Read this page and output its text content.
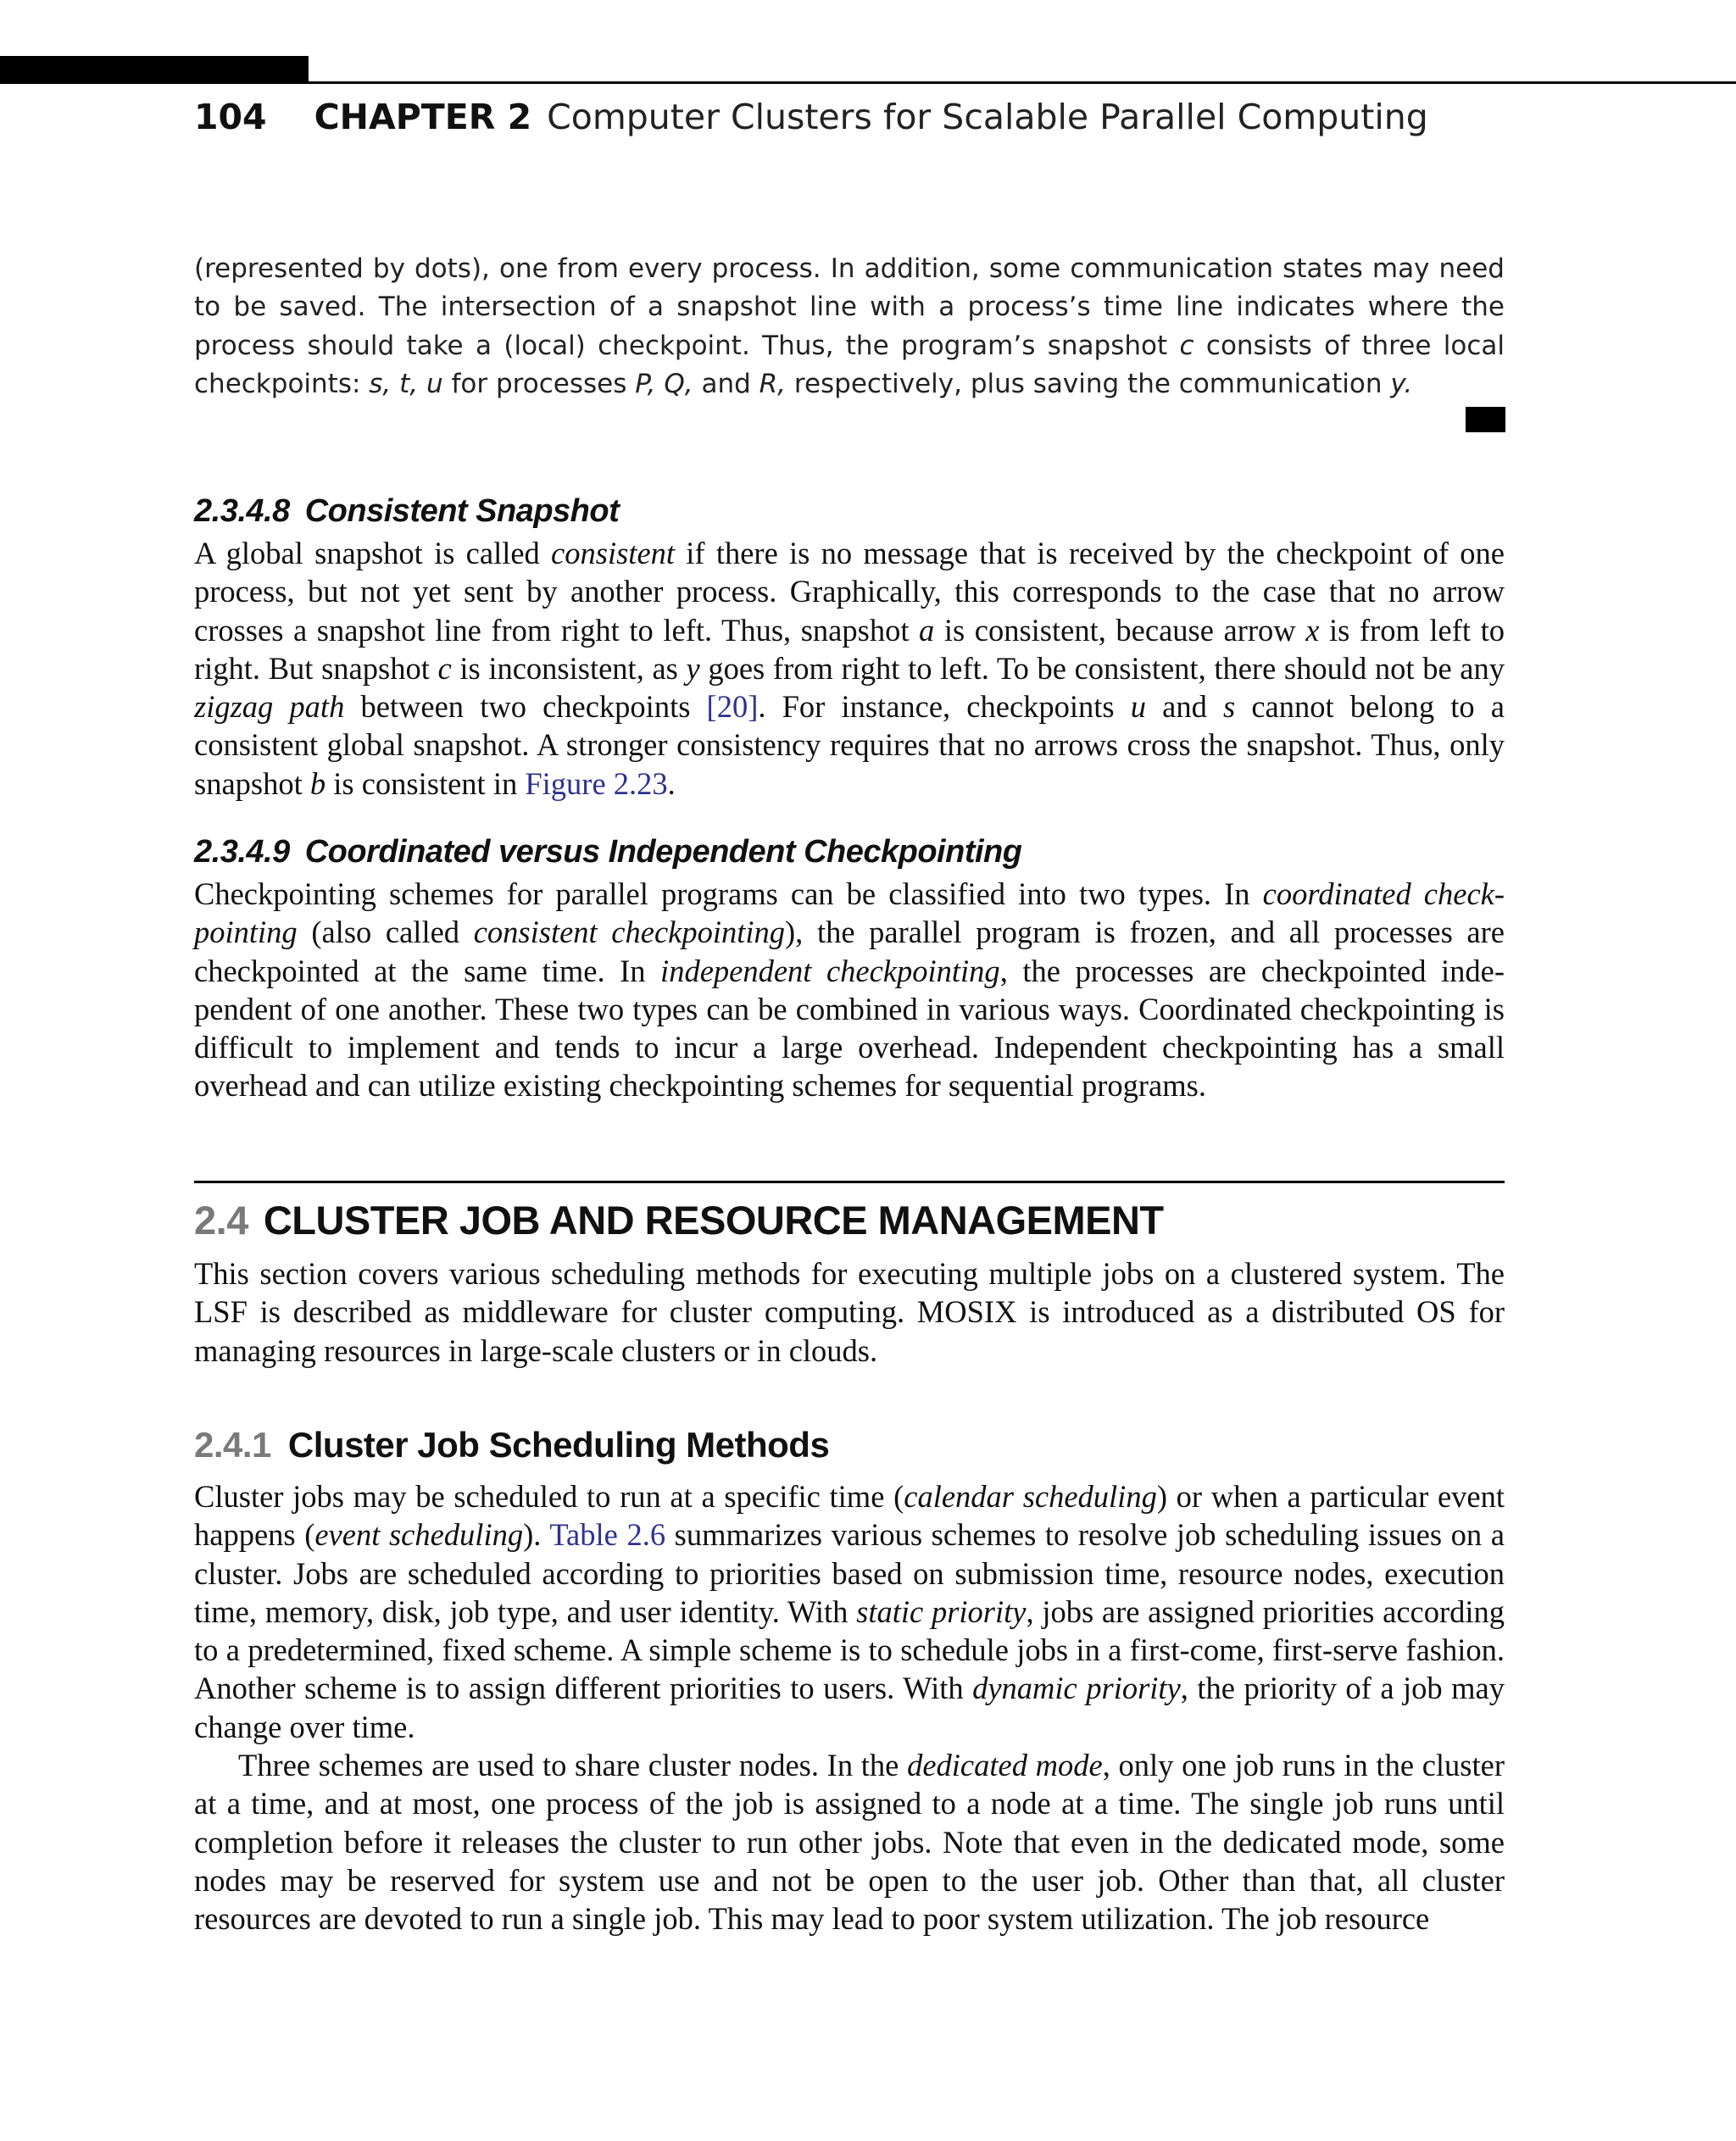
104 CHAPTER 2 Computer Clusters for Scalable Parallel Computing
(represented by dots), one from every process. In addition, some communication states may need to be saved. The intersection of a snapshot line with a process’s time line indicates where the process should take a (local) checkpoint. Thus, the program’s snapshot c consists of three local checkpoints: s, t, u for processes P, Q, and R, respectively, plus saving the communication y.
2.3.4.8 Consistent Snapshot

A global snapshot is called consistent if there is no message that is received by the checkpoint of one process, but not yet sent by another process. Graphically, this corresponds to the case that no arrow crosses a snapshot line from right to left. Thus, snapshot a is consistent, because arrow x is from left to right. But snapshot c is inconsistent, as y goes from right to left. To be consistent, there should not be any zigzag path between two checkpoints [20]. For instance, checkpoints u and s cannot belong to a consistent global snapshot. A stronger consistency requires that no arrows cross the snapshot. Thus, only snapshot b is consistent in Figure 2.23.

2.3.4.9 Coordinated versus Independent Checkpointing

Checkpointing schemes for parallel programs can be classified into two types. In coordinated checkpointing (also called consistent checkpointing), the parallel program is frozen, and all processes are checkpointed at the same time. In independent checkpointing, the processes are checkpointed independent of one another. These two types can be combined in various ways. Coordinated checkpointing is difficult to implement and tends to incur a large overhead. Independent checkpointing has a small overhead and can utilize existing checkpointing schemes for sequential programs.

2.4 CLUSTER JOB AND RESOURCE MANAGEMENT

This section covers various scheduling methods for executing multiple jobs on a clustered system. The LSF is described as middleware for cluster computing. MOSIX is introduced as a distributed OS for managing resources in large-scale clusters or in clouds.

2.4.1 Cluster Job Scheduling Methods

Cluster jobs may be scheduled to run at a specific time (calendar scheduling) or when a particular event happens (event scheduling). Table 2.6 summarizes various schemes to resolve job scheduling issues on a cluster. Jobs are scheduled according to priorities based on submission time, resource nodes, execution time, memory, disk, job type, and user identity. With static priority, jobs are assigned priorities according to a predetermined, fixed scheme. A simple scheme is to schedule jobs in a first-come, first-serve fashion. Another scheme is to assign different priorities to users. With dynamic priority, the priority of a job may change over time.

Three schemes are used to share cluster nodes. In the dedicated mode, only one job runs in the cluster at a time, and at most, one process of the job is assigned to a node at a time. The single job runs until completion before it releases the cluster to run other jobs. Note that even in the dedicated mode, some nodes may be reserved for system use and not be open to the user job. Other than that, all cluster resources are devoted to run a single job. This may lead to poor system utilization. The job resource
